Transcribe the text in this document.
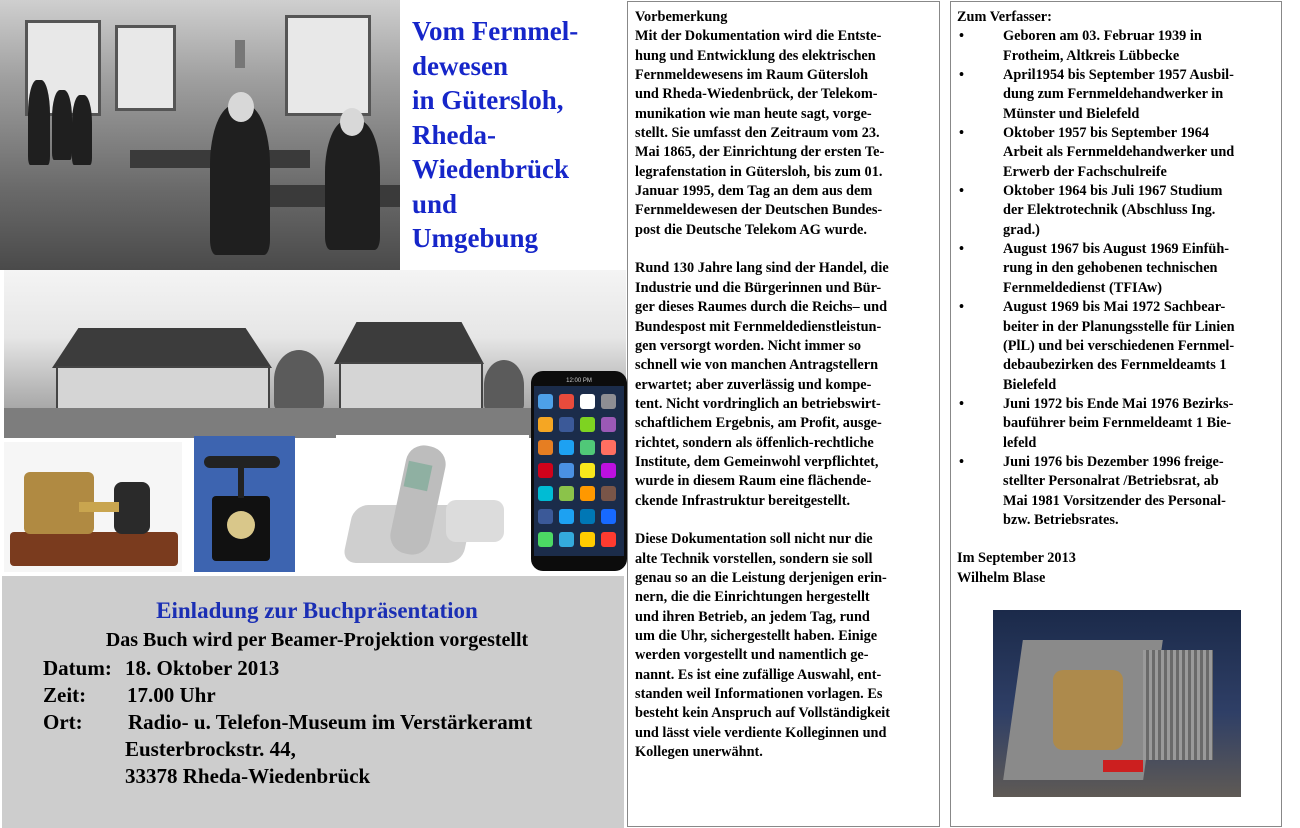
Vom Fernmel-
dewesen
in Gütersloh,
Rheda-
Wiedenbrück
und
Umgebung
12:00 PM
Einladung zur Buchpräsentation
Das Buch wird per Beamer-Projektion vorgestellt
Datum: 18. Oktober 2013
Zeit: 17.00 Uhr
Ort: Radio- u. Telefon-Museum im Verstärkeramt
Eusterbrockstr. 44,
33378 Rheda-Wiedenbrück
Vorbemerkung

Mit der Dokumentation wird die Entste-
hung und Entwicklung des elektrischen
Fernmeldewesens im Raum Gütersloh
und Rheda-Wiedenbrück, der Telekom-
munikation wie man heute sagt, vorge-
stellt. Sie umfasst den Zeitraum vom 23.
Mai 1865, der Einrichtung der ersten Te-
legrafenstation in Gütersloh, bis zum 01.
Januar 1995, dem Tag an dem aus dem
Fernmeldewesen der Deutschen Bundes-
post die Deutsche Telekom AG wurde.

Rund 130 Jahre lang sind der Handel, die
Industrie und die Bürgerinnen und Bür-
ger dieses Raumes durch die Reichs– und
Bundespost mit Fernmeldedienstleistun-
gen versorgt worden. Nicht immer so
schnell wie von manchen Antragstellern
erwartet; aber zuverlässig und kompe-
tent. Nicht vordringlich an betriebswirt-
schaftlichem Ergebnis, am Profit, ausge-
richtet, sondern als öffenlich-rechtliche
Institute, dem Gemeinwohl verpflichtet,
wurde in diesem Raum eine flächende-
ckende Infrastruktur bereitgestellt.

Diese Dokumentation soll nicht nur die
alte Technik vorstellen, sondern sie soll
genau so an die Leistung derjenigen erin-
nern, die die Einrichtungen hergestellt
und ihren Betrieb, an jedem Tag, rund
um die Uhr, sichergestellt haben. Einige
werden vorgestellt und namentlich ge-
nannt. Es ist eine zufällige Auswahl, ent-
standen weil Informationen vorlagen. Es
besteht kein Anspruch auf Vollständigkeit
und lässt viele verdiente Kolleginnen und
Kollegen unerwähnt.

Zum Verfasser:
•	Geboren am 03. Februar 1939 in
Frotheim, Altkreis Lübbecke
•	April1954 bis September 1957 Ausbil-
dung zum Fernmeldehandwerker in
Münster und Bielefeld
•	Oktober 1957 bis September 1964
Arbeit als Fernmeldehandwerker und
Erwerb der Fachschulreife
•	Oktober 1964 bis Juli 1967 Studium
der Elektrotechnik (Abschluss Ing.
grad.)
•	August 1967 bis August 1969 Einfüh-
rung in den gehobenen technischen
Fernmeldedienst (TFIAw)
•	August 1969 bis Mai 1972 Sachbear-
beiter in der Planungsstelle für Linien
(PlL) und bei verschiedenen Fernmel-
debaubezirken des Fernmeldeamts 1
Bielefeld
•	Juni 1972 bis Ende Mai 1976 Bezirks-
bauführer beim Fernmeldeamt 1 Bie-
lefeld
•	Juni 1976 bis Dezember 1996 freige-
stellter Personalrat /Betriebsrat, ab
Mai 1981 Vorsitzender des Personal-
bzw. Betriebsrates.
Im September 2013
Wilhelm Blase
